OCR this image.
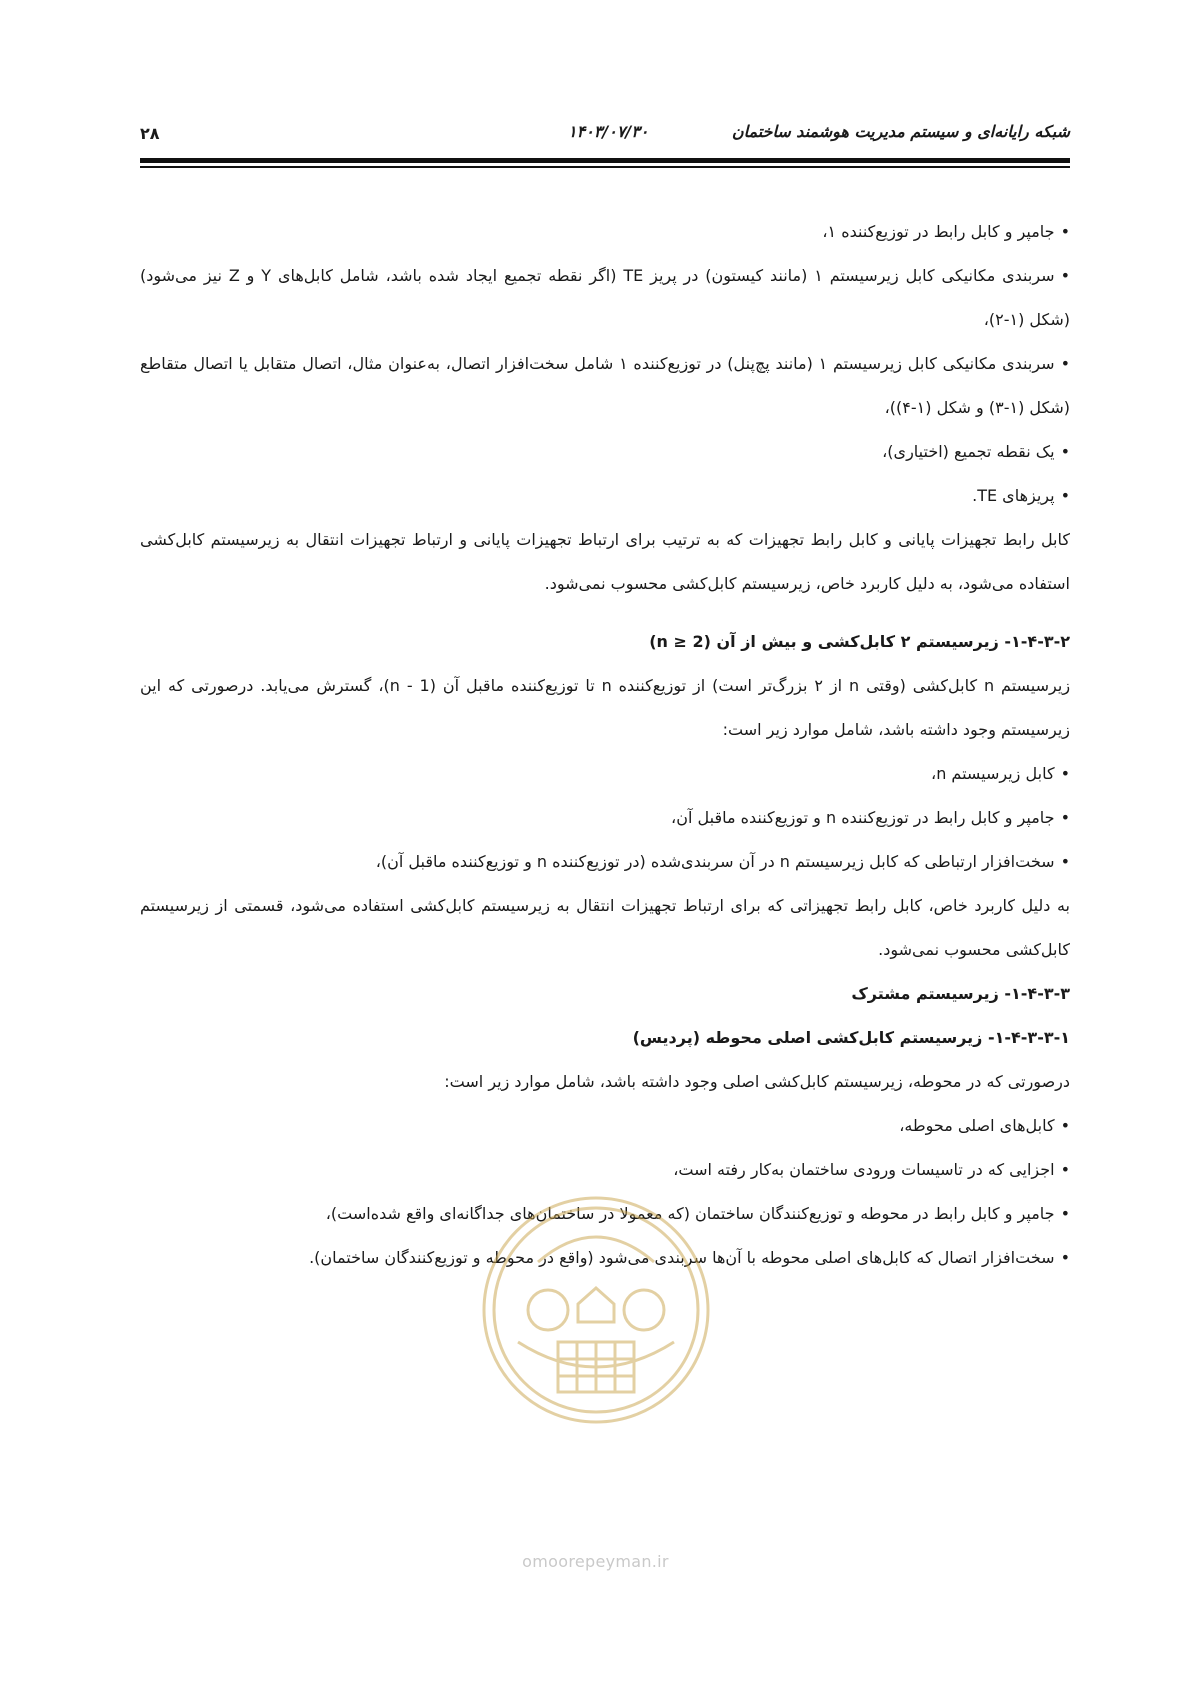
۲۸	۱۴۰۳/۰۷/۳۰	شبکه رایانه‌ای و سیستم مدیریت هوشمند ساختمان

•جامپر و کابل رابط در توزیع‌کننده ۱،

•سربندی مکانیکی کابل زیرسیستم ۱ (مانند کیستون) در پریز TE (اگر نقطه تجمیع ایجاد شده باشد، شامل کابل‌های Y و Z نیز می‌شود) (شکل (۱-۲)،

•سربندی مکانیکی کابل زیرسیستم ۱ (مانند پچ‌پنل) در توزیع‌کننده ۱ شامل سخت‌افزار اتصال، به‌عنوان مثال، اتصال متقابل یا اتصال متقاطع (شکل (۱-۳) و شکل (۱-۴))،

•یک نقطه تجمیع (اختیاری)،

•پریزهای TE.

کابل رابط تجهیزات پایانی و کابل رابط تجهیزات که به ترتیب برای ارتباط تجهیزات پایانی و ارتباط تجهیزات انتقال به زیرسیستم کابل‌کشی استفاده می‌شود، به دلیل کاربرد خاص، زیرسیستم کابل‌کشی محسوب نمی‌شود.

۱-۴-۳-۲- زیرسیستم ۲ کابل‌کشی و بیش از آن (n ≥ 2)

زیرسیستم n کابل‌کشی (وقتی n از ۲ بزرگ‌تر است) از توزیع‌کننده n تا توزیع‌کننده ماقبل آن (n - 1)، گسترش می‌یابد. درصورتی که این زیرسیستم وجود داشته باشد، شامل موارد زیر است:

•کابل زیرسیستم n،

•جامپر و کابل رابط در توزیع‌کننده n و توزیع‌کننده ماقبل آن،

•سخت‌افزار ارتباطی که کابل زیرسیستم n در آن سربندی‌شده (در توزیع‌کننده n و توزیع‌کننده ماقبل آن)،

به دلیل کاربرد خاص، کابل رابط تجهیزاتی که برای ارتباط تجهیزات انتقال به زیرسیستم کابل‌کشی استفاده می‌شود، قسمتی از زیرسیستم کابل‌کشی محسوب نمی‌شود.

۱-۴-۳-۳- زیرسیستم مشترک

۱-۴-۳-۳-۱- زیرسیستم کابل‌کشی اصلی محوطه (پردیس)

درصورتی که در محوطه، زیرسیستم کابل‌کشی اصلی وجود داشته باشد، شامل موارد زیر است:

•کابل‌های اصلی محوطه،

•اجزایی که در تاسیسات ورودی ساختمان به‌کار رفته است،

•جامپر و کابل رابط در محوطه و توزیع‌کنندگان ساختمان (که معمولا در ساختمان‌های جداگانه‌ای واقع شده‌است)،

•سخت‌افزار اتصال که کابل‌های اصلی محوطه با آن‌ها سربندی می‌شود (واقع در محوطه و توزیع‌کنندگان ساختمان).

omoorepeyman.ir
